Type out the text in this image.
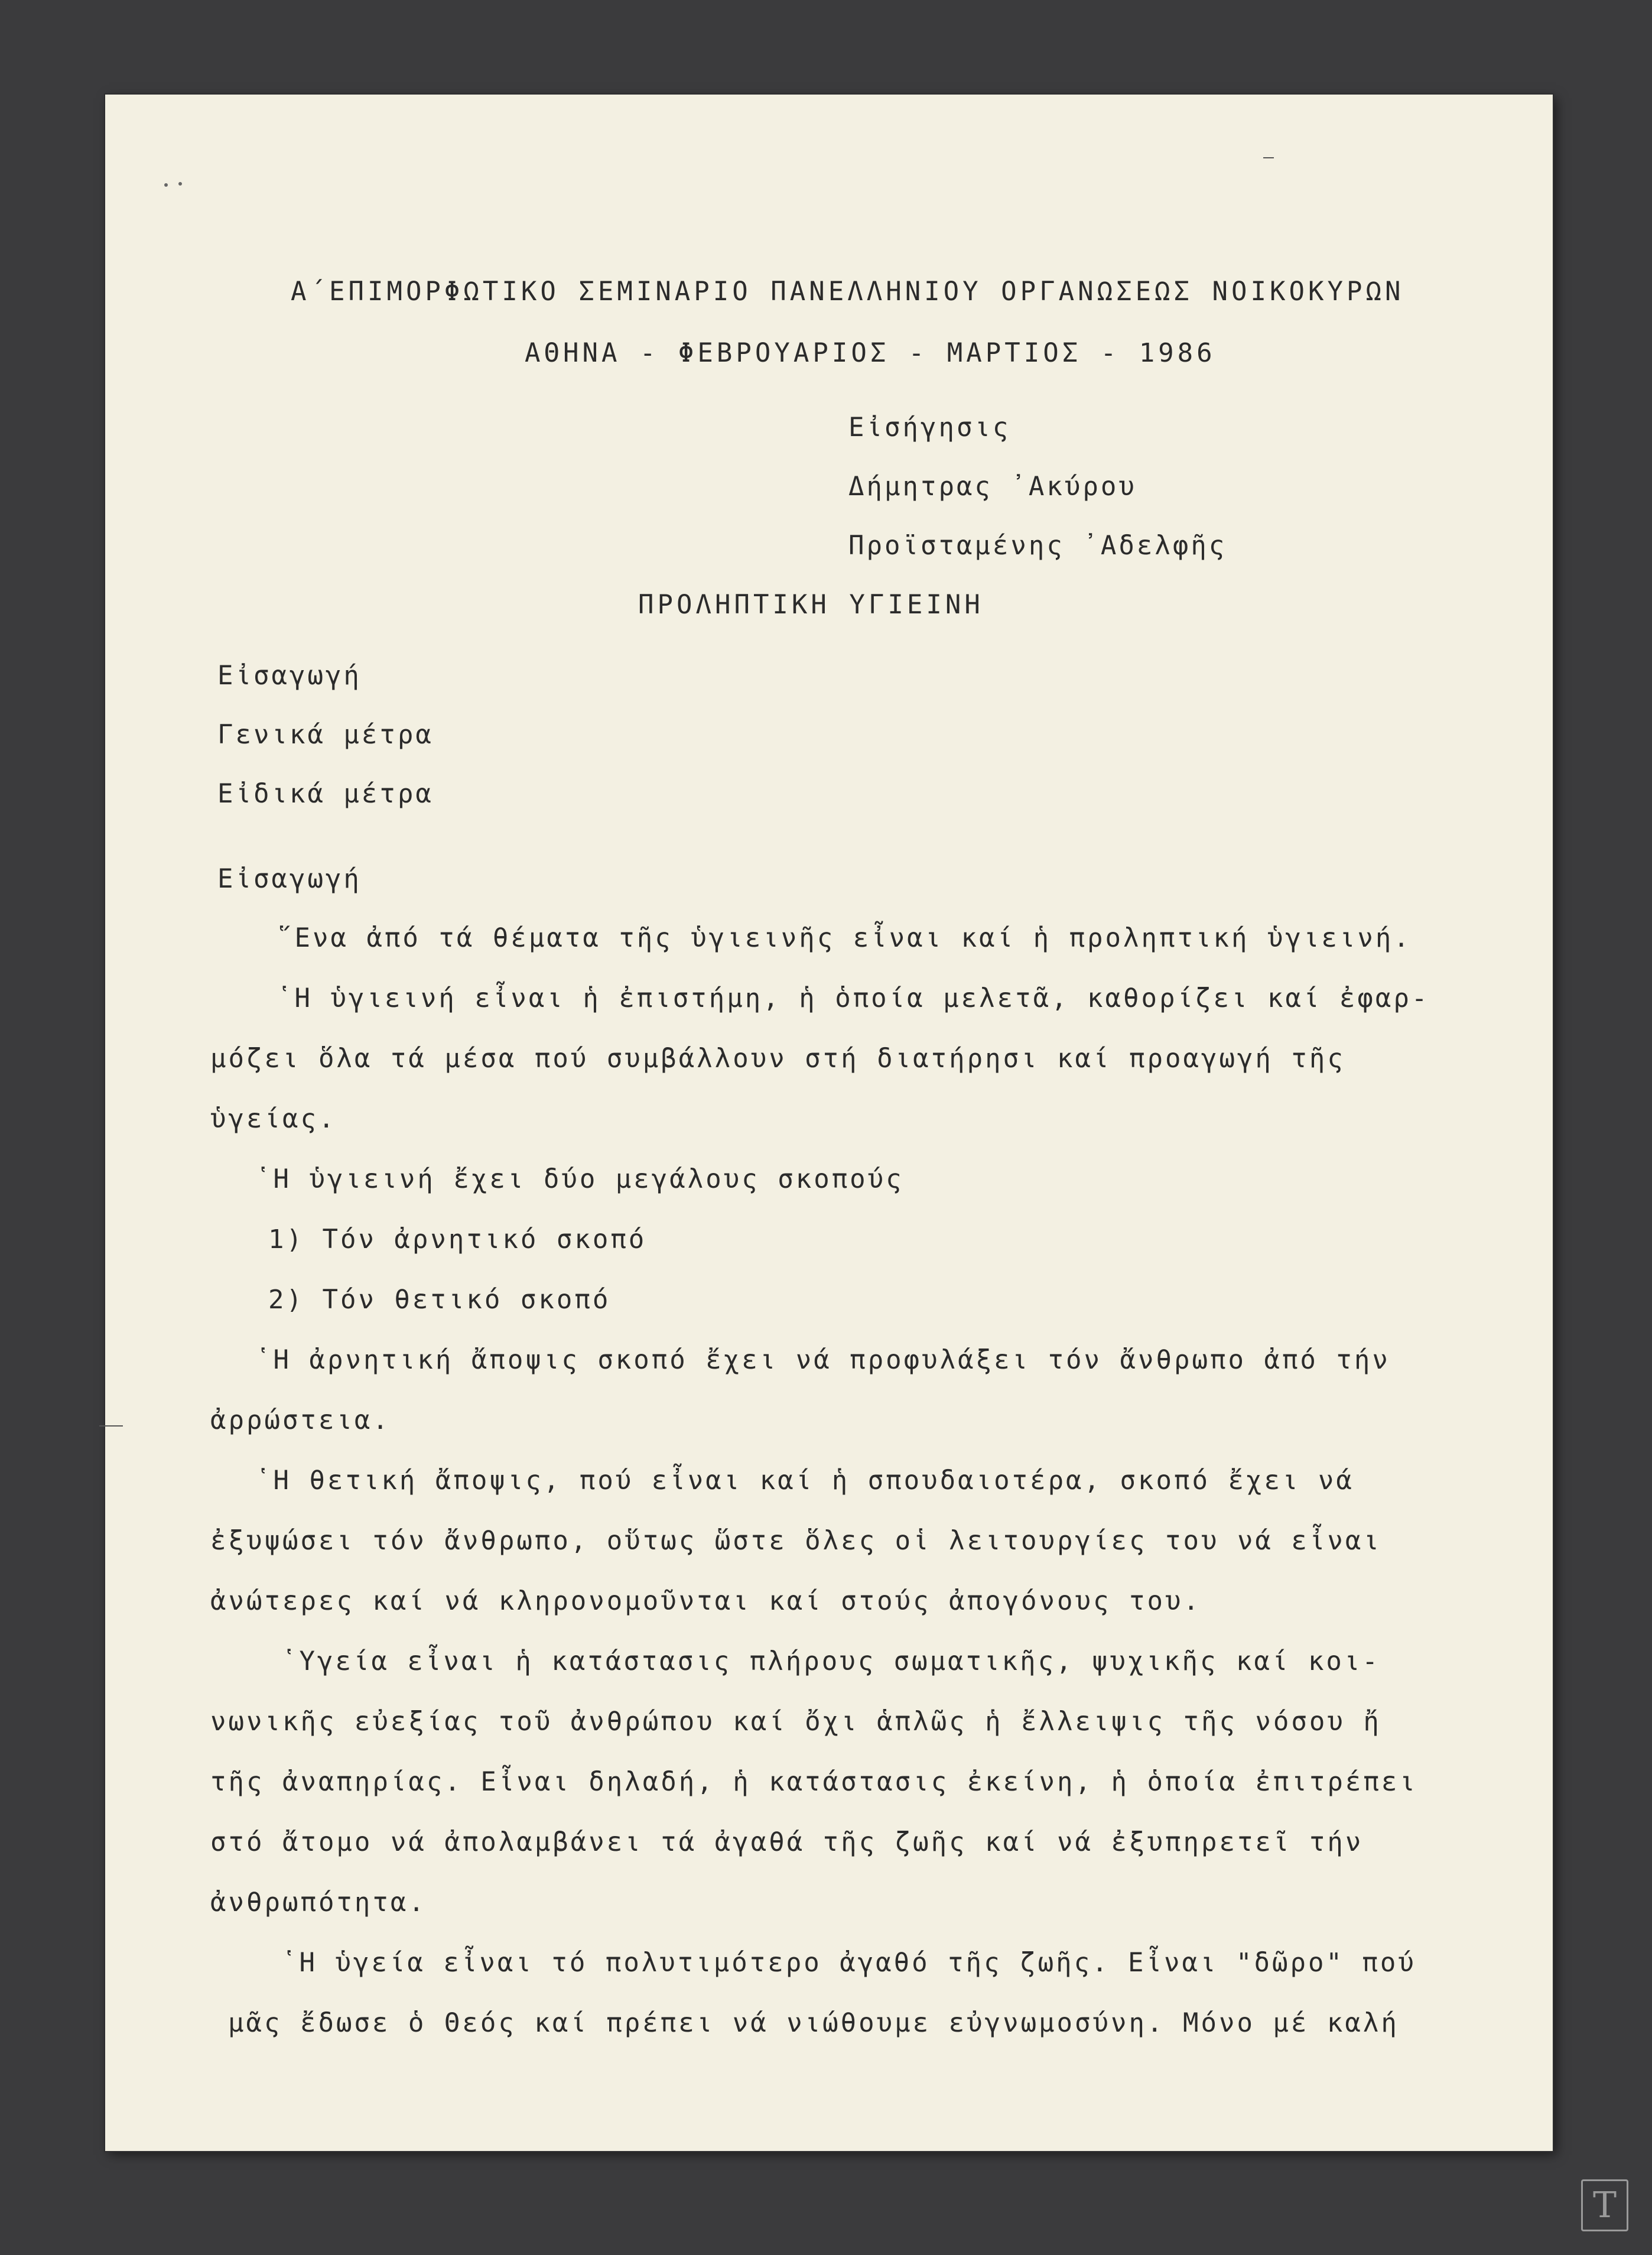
Α΄ΕΠΙΜΟΡΦΩΤΙΚΟ ΣΕΜΙΝΑΡΙΟ ΠΑΝΕΛΛΗΝΙΟΥ ΟΡΓΑΝΩΣΕΩΣ ΝΟΙΚΟΚΥΡΩΝ
ΑΘΗΝΑ - ΦΕΒΡΟΥΑΡΙΟΣ - ΜΑΡΤΙΟΣ - 1986
Εἰσήγησις
Δήμητρας ᾿Ακύρου
Προϊσταμένης ᾿Αδελφῆς
ΠΡΟΛΗΠΤΙΚΗ ΥΓΙΕΙΝΗ
Εἰσαγωγή
Γενικά μέτρα
Εἰδικά μέτρα
Εἰσαγωγή
῞Ενα ἀπό τά θέματα τῆς ὑγιεινῆς εἶναι καί ἡ προληπτική ὑγιεινή.
῾Η ὑγιεινή εἶναι ἡ ἐπιστήμη, ἡ ὁποία μελετᾶ, καθορίζει καί ἐφαρ-
μόζει ὅλα τά μέσα πού συμβάλλουν στή διατήρησι καί προαγωγή τῆς
ὑγείας.
῾Η ὑγιεινή ἔχει δύο μεγάλους σκοπούς
1) Τόν ἀρνητικό σκοπό
2) Τόν θετικό σκοπό
῾Η ἀρνητική ἄποψις σκοπό ἔχει νά προφυλάξει τόν ἄνθρωπο ἀπό τήν
ἀρρώστεια.
῾Η θετική ἄποψις, πού εἶναι καί ἡ σπουδαιοτέρα, σκοπό ἔχει νά
ἐξυψώσει τόν ἄνθρωπο, οὕτως ὥστε ὅλες οἱ λειτουργίες του νά εἶναι
ἀνώτερες καί νά κληρονομοῦνται καί στούς ἀπογόνους του.
῾Υγεία εἶναι ἡ κατάστασις πλήρους σωματικῆς, ψυχικῆς καί κοι-
νωνικῆς εὐεξίας τοῦ ἀνθρώπου καί ὄχι ἁπλῶς ἡ ἔλλειψις τῆς νόσου ἤ
τῆς ἀναπηρίας. Εἶναι δηλαδή, ἡ κατάστασις ἐκείνη, ἡ ὁποία ἐπιτρέπει
στό ἄτομο νά ἀπολαμβάνει τά ἀγαθά τῆς ζωῆς καί νά ἐξυπηρετεῖ τήν
ἀνθρωπότητα.
῾Η ὑγεία εἶναι τό πολυτιμότερο ἀγαθό τῆς ζωῆς. Εἶναι "δῶρο" πού
μᾶς ἔδωσε ὁ Θεός καί πρέπει νά νιώθουμε εὐγνωμοσύνη. Μόνο μέ καλή
T
